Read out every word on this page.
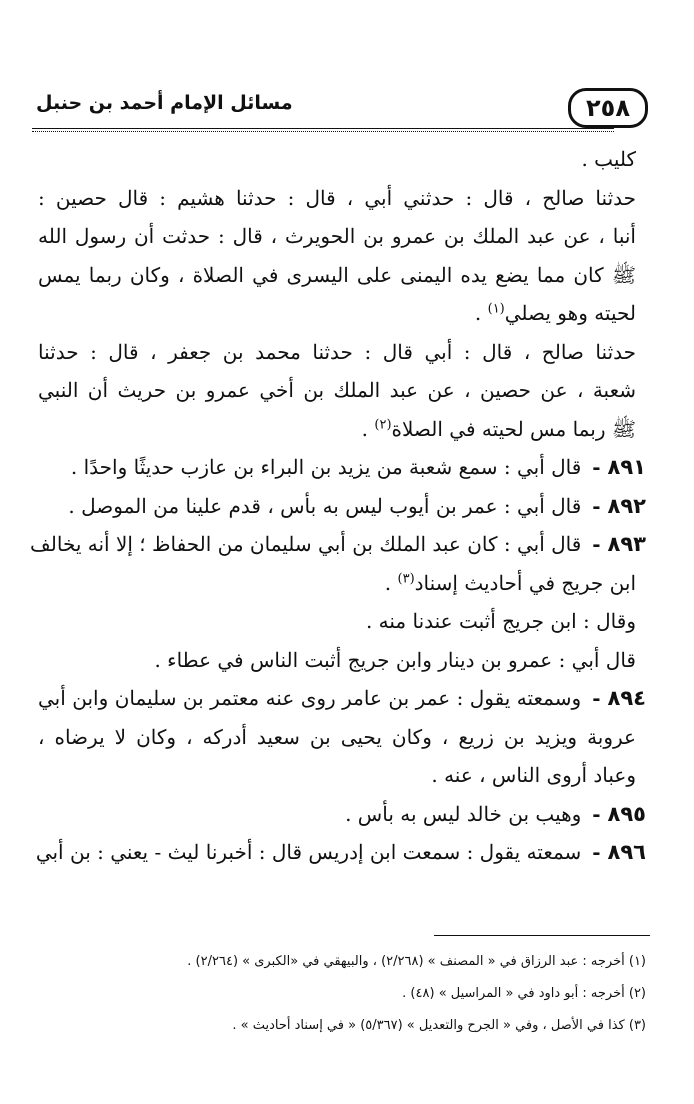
٢٥٨
مسائل الإمام أحمد بن حنبل
كليب .
حدثنا صالح ، قال : حدثني أبي ، قال : حدثنا هشيم : قال حصين :
أنبا ، عن عبد الملك بن عمرو بن الحويرث ، قال : حدثت أن رسول الله
ﷺ كان مما يضع يده اليمنى على اليسرى في الصلاة ، وكان ربما يمس
لحيته وهو يصلي$^{(١)}$ .
حدثنا صالح ، قال : أبي قال : حدثنا محمد بن جعفر ، قال : حدثنا
شعبة ، عن حصين ، عن عبد الملك بن أخي عمرو بن حريث أن النبي
ﷺ ربما مس لحيته في الصلاة$^{(٢)}$ .
٨٩١ - قال أبي : سمع شعبة من يزيد بن البراء بن عازب حديثًا واحدًا .
٨٩٢ - قال أبي : عمر بن أيوب ليس به بأس ، قدم علينا من الموصل .
٨٩٣ - قال أبي : كان عبد الملك بن أبي سليمان من الحفاظ ؛ إلا أنه يخالف
ابن جريج في أحاديث إسناد$^{(٣)}$ .
وقال : ابن جريج أثبت عندنا منه .
قال أبي : عمرو بن دينار وابن جريج أثبت الناس في عطاء .
٨٩٤ - وسمعته يقول : عمر بن عامر روى عنه معتمر بن سليمان وابن أبي
عروبة ويزيد بن زريع ، وكان يحيى بن سعيد أدركه ، وكان لا يرضاه ،
وعباد أروى الناس ، عنه .
٨٩٥ - وهيب بن خالد ليس به بأس .
٨٩٦ - سمعته يقول : سمعت ابن إدريس قال : أخبرنا ليث - يعني : بن أبي
(١) أخرجه : عبد الرزاق في « المصنف » (٢/٢٦٨) ، والبيهقي في «الكبرى » (٢/٢٦٤) .
(٢) أخرجه : أبو داود في « المراسيل » (٤٨) .
(٣) كذا في الأصل ، وفي « الجرح والتعديل » (٥/٣٦٧) « في إسناد أحاديث » .
